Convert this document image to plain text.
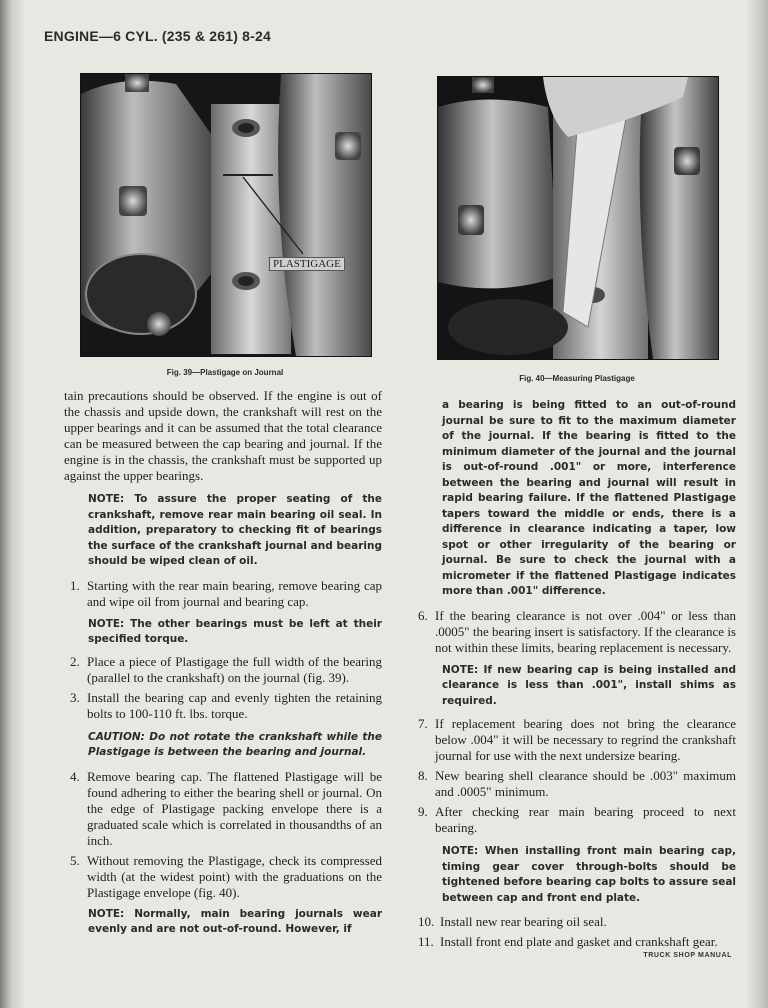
ENGINE—6 CYL. (235 & 261) 8-24
PLASTIGAGE
Fig. 39—Plastigage on Journal
Fig. 40—Measuring Plastigage

tain precautions should be observed. If the engine is out of the chassis and upside down, the crankshaft will rest on the upper bearings and it can be assumed that the total clearance can be measured between the cap bearing and journal. If the engine is in the chassis, the crankshaft must be supported up against the upper bearings.

NOTE: To assure the proper seating of the crankshaft, remove rear main bearing oil seal. In addition, preparatory to checking fit of bearings the surface of the crankshaft journal and bearing should be wiped clean of oil.

1. Starting with the rear main bearing, remove bearing cap and wipe oil from journal and bearing cap.

NOTE: The other bearings must be left at their specified torque.

2. Place a piece of Plastigage the full width of the bearing (parallel to the crankshaft) on the journal (fig. 39).
3. Install the bearing cap and evenly tighten the retaining bolts to 100-110 ft. lbs. torque.

CAUTION: Do not rotate the crankshaft while the Plastigage is between the bearing and journal.

4. Remove bearing cap. The flattened Plastigage will be found adhering to either the bearing shell or journal. On the edge of Plastigage packing envelope there is a graduated scale which is correlated in thousandths of an inch.
5. Without removing the Plastigage, check its compressed width (at the widest point) with the graduations on the Plastigage envelope (fig. 40).

NOTE: Normally, main bearing journals wear evenly and are not out-of-round. However, if

a bearing is being fitted to an out-of-round journal be sure to fit to the maximum diameter of the journal. If the bearing is fitted to the minimum diameter of the journal and the journal is out-of-round .001" or more, interference between the bearing and journal will result in rapid bearing failure. If the flattened Plastigage tapers toward the middle or ends, there is a difference in clearance indicating a taper, low spot or other irregularity of the bearing or journal. Be sure to check the journal with a micrometer if the flattened Plastigage indicates more than .001" difference.

6. If the bearing clearance is not over .004" or less than .0005" the bearing insert is satisfactory. If the clearance is not within these limits, bearing replacement is necessary.

NOTE: If new bearing cap is being installed and clearance is less than .001", install shims as required.

7. If replacement bearing does not bring the clearance below .004" it will be necessary to regrind the crankshaft journal for use with the next undersize bearing.
8. New bearing shell clearance should be .003" maximum and .0005" minimum.
9. After checking rear main bearing proceed to next bearing.

NOTE: When installing front main bearing cap, timing gear cover through-bolts should be tightened before bearing cap bolts to assure seal between cap and front end plate.

10. Install new rear bearing oil seal.
11. Install front end plate and gasket and crankshaft gear.
TRUCK SHOP MANUAL
